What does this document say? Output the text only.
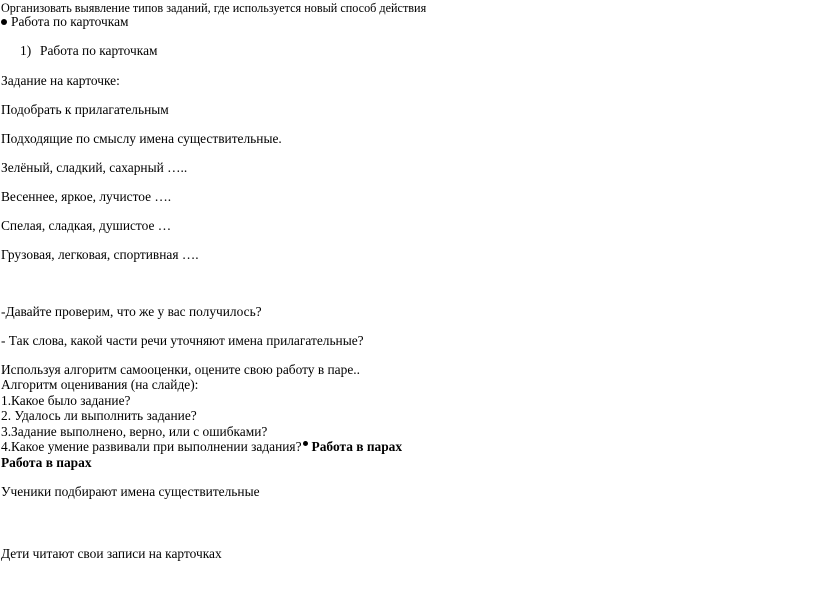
Организовать выявление типов заданий, где используется новый способ действия
Работа по карточкам
1) Работа по карточкам
Задание на карточке:
Подобрать к прилагательным
Подходящие по смыслу имена существительные.
Зелёный, сладкий, сахарный …..
Весеннее, яркое, лучистое ….
Спелая, сладкая, душистое …
Грузовая, легковая, спортивная ….
-Давайте проверим, что же у вас получилось?
- Так слова, какой части речи уточняют имена прилагательные?
Используя алгоритм самооценки, оцените свою работу в паре..
Алгоритм оценивания (на слайде):
1.Какое было задание?
2. Удалось ли выполнить задание?
3.Задание выполнено, верно, или с ошибками?
4.Какое умение развивали при выполнении задания? Работа в парах
Работа в парах
Ученики подбирают имена существительные
Дети читают свои записи на карточках
